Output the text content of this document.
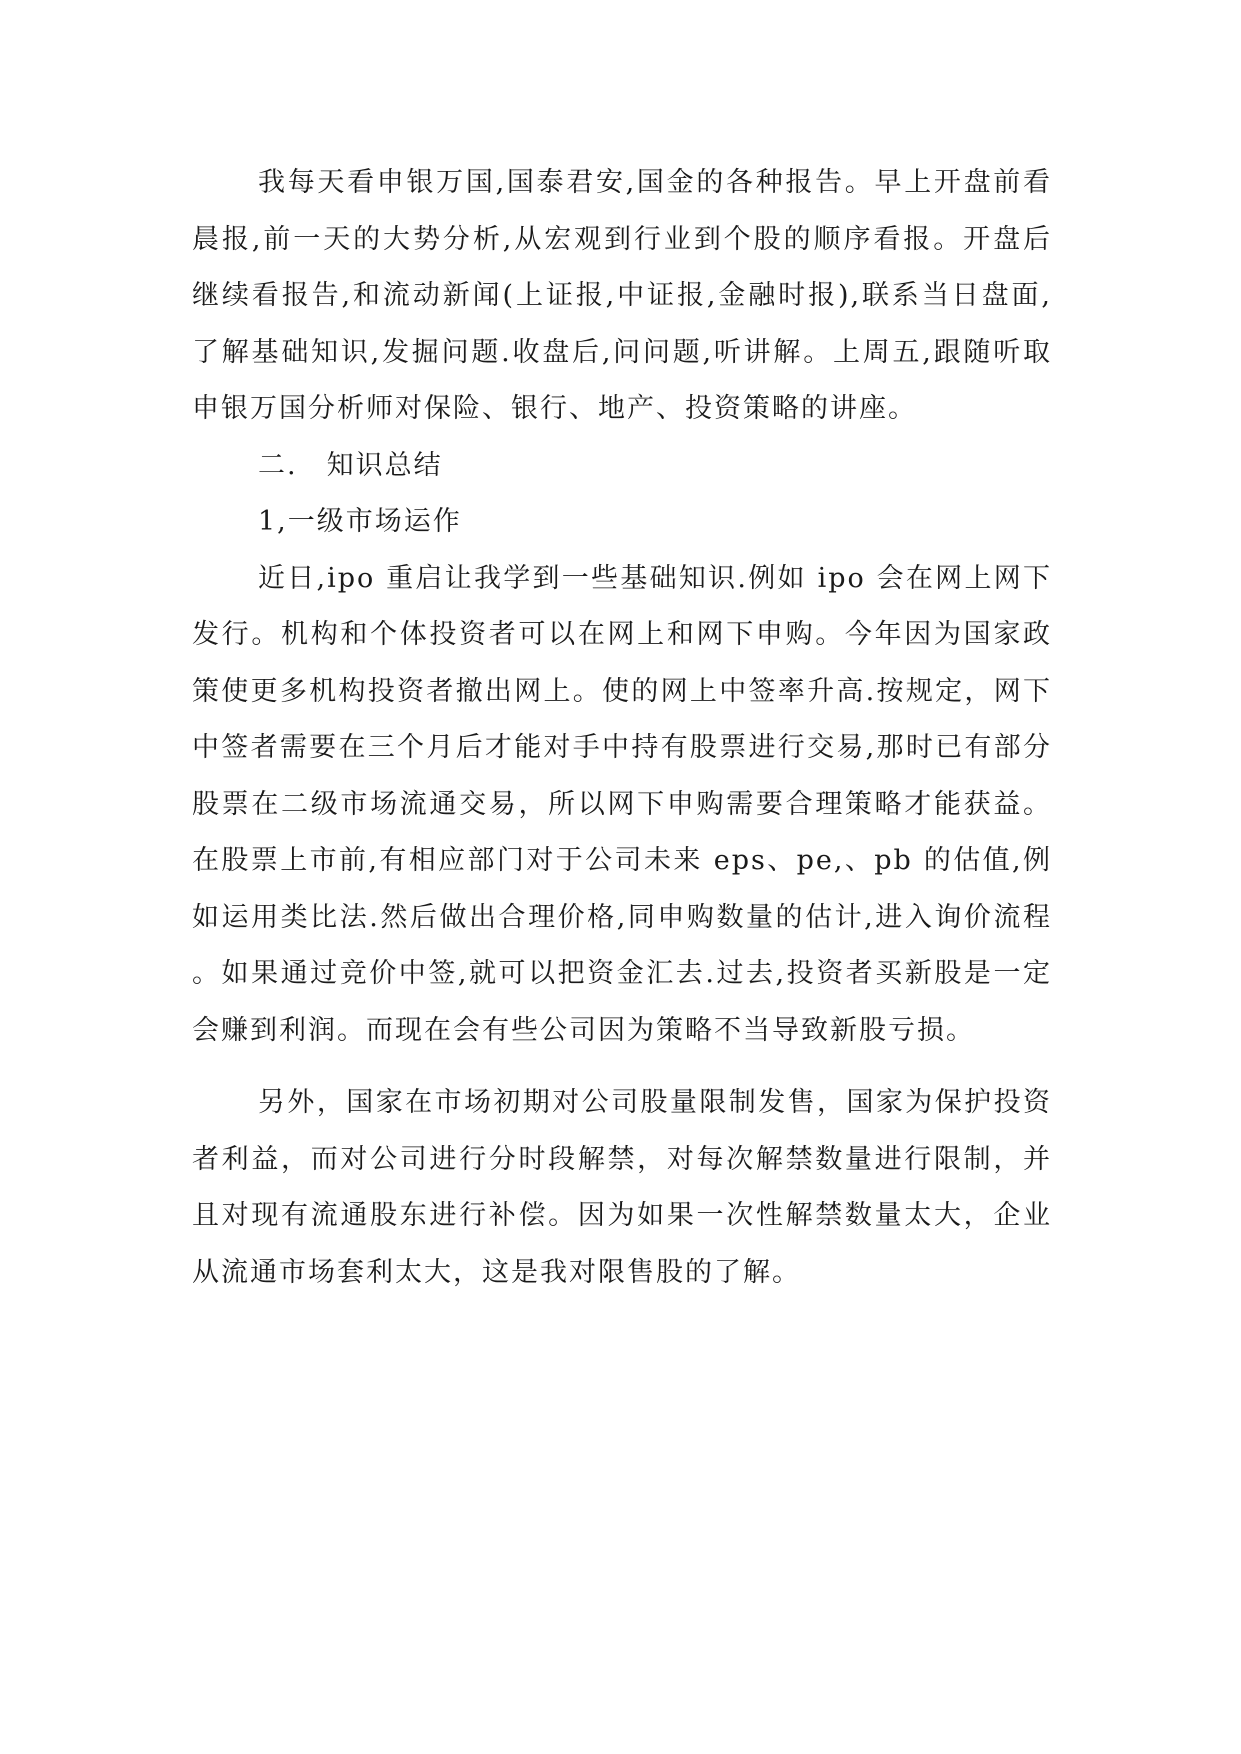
我每天看申银万国,国泰君安,国金的各种报告。早上开盘前看晨报,前一天的大势分析,从宏观到行业到个股的顺序看报。开盘后继续看报告,和流动新闻(上证报,中证报,金融时报),联系当日盘面,了解基础知识,发掘问题.收盘后,问问题,听讲解。上周五,跟随听取申银万国分析师对保险、银行、地产、投资策略的讲座。

二.　知识总结

1,一级市场运作

近日,ipo 重启让我学到一些基础知识.例如 ipo 会在网上网下发行。机构和个体投资者可以在网上和网下申购。今年因为国家政策使更多机构投资者撤出网上。使的网上中签率升高.按规定，网下中签者需要在三个月后才能对手中持有股票进行交易,那时已有部分股票在二级市场流通交易，所以网下申购需要合理策略才能获益。在股票上市前,有相应部门对于公司未来 eps、pe,、pb 的估值,例如运用类比法.然后做出合理价格,同申购数量的估计,进入询价流程。如果通过竞价中签,就可以把资金汇去.过去,投资者买新股是一定会赚到利润。而现在会有些公司因为策略不当导致新股亏损。

另外，国家在市场初期对公司股量限制发售，国家为保护投资者利益，而对公司进行分时段解禁，对每次解禁数量进行限制，并且对现有流通股东进行补偿。因为如果一次性解禁数量太大，企业从流通市场套利太大，这是我对限售股的了解。
